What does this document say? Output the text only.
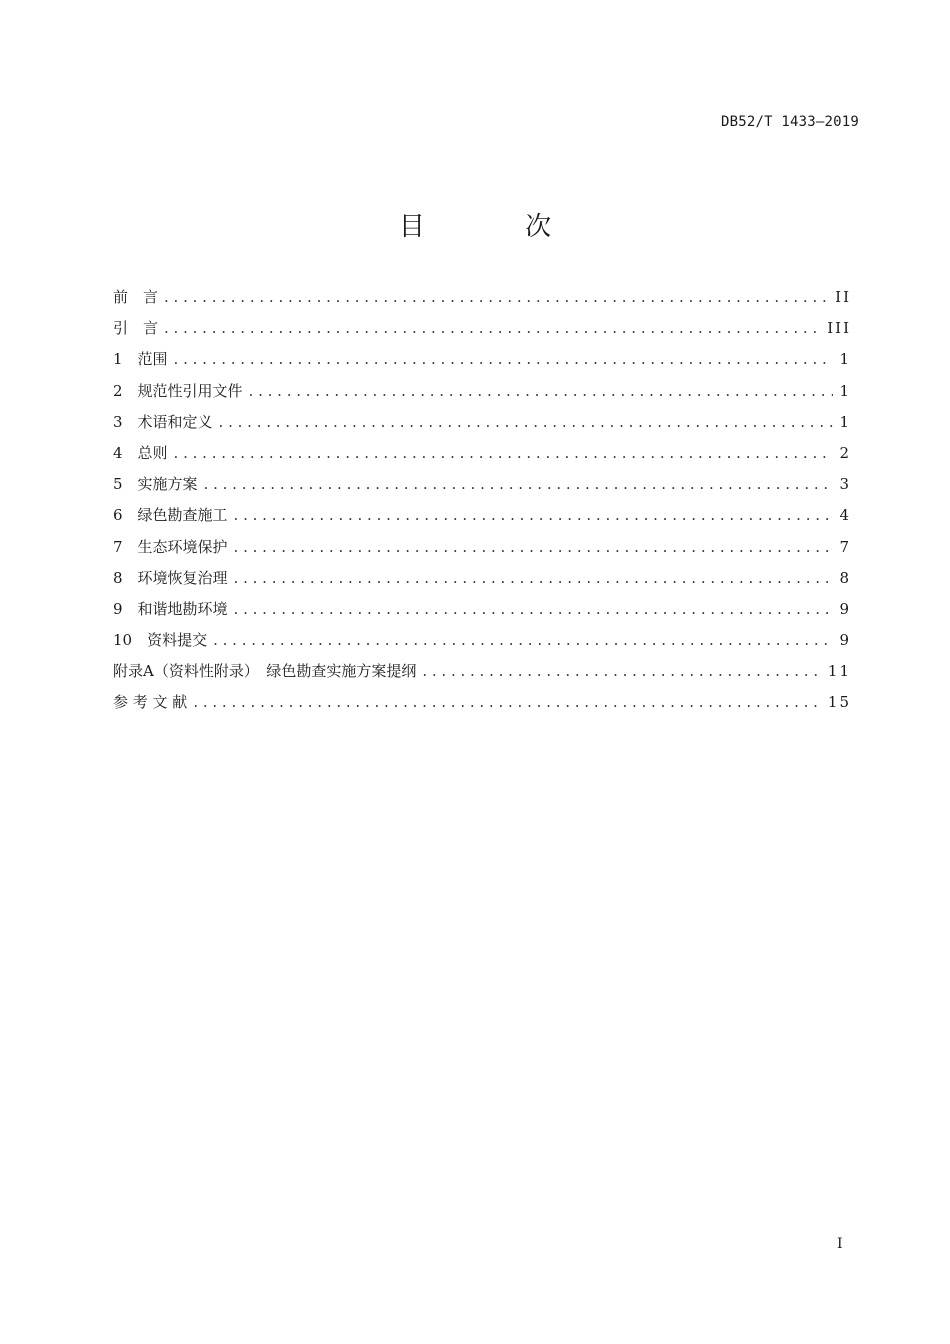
DB52/T 1433—2019
目 次
前　言 . . .	II
引　言 . . .	III
1　范围 . . .	1
2　规范性引用文件 . . .	1
3　术语和定义 . . .	1
4　总则 . . .	2
5　实施方案 . . .	3
6　绿色勘查施工 . . .	4
7　生态环境保护 . . .	7
8　环境恢复治理 . . .	8
9　和谐地勘环境 . . .	9
10　资料提交 . . .	9
附录A（资料性附录）　绿色勘查实施方案提纲 . . .	11
参 考 文 献 . . .	15
I
